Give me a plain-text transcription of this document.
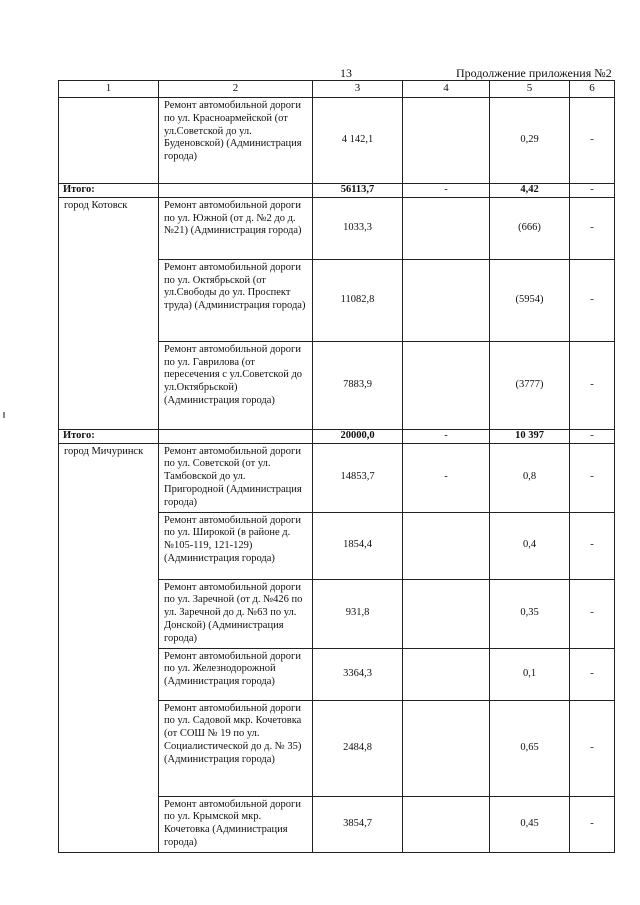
13	Продолжение приложения №2
1	2	3	4	5	6
	Ремонт автомобильной дороги по ул. Красноармейской (от ул.Советской до ул. Буденовской) (Администрация города)	4 142,1		0,29	-
Итого:		56113,7	-	4,42	-
город Котовск	Ремонт автомобильной дороги по ул. Южной (от д. №2 до д.№21) (Администрация города)	1033,3		(666)	-
	Ремонт автомобильной дороги по ул. Октябрьской (от ул.Свободы до ул. Проспект труда) (Администрация города)	11082,8		(5954)	-
	Ремонт автомобильной дороги по ул. Гаврилова (от пересечения с ул.Советской до ул.Октябрьской) (Администрация города)	7883,9		(3777)	-
Итого:		20000,0	-	10 397	-
город Мичуринск	Ремонт автомобильной дороги по ул. Советской (от ул. Тамбовской до ул. Пригородной (Администрация города)	14853,7	-	0,8	-
	Ремонт автомобильной дороги по ул. Широкой (в районе д. №105-119, 121-129) (Администрация города)	1854,4		0,4	-
	Ремонт автомобильной дороги по ул. Заречной (от д. №426 по ул. Заречной до д. №63 по ул. Донской) (Администрация города)	931,8		0,35	-
	Ремонт автомобильной дороги по ул. Железнодорожной (Администрация города)	3364,3		0,1	-
	Ремонт автомобильной дороги по ул. Садовой мкр. Кочетовка (от СОШ № 19 по ул. Социалистической до д. № 35) (Администрация города)	2484,8		0,65	-
	Ремонт автомобильной дороги по ул. Крымской мкр. Кочетовка (Администрация города)	3854,7		0,45	-
